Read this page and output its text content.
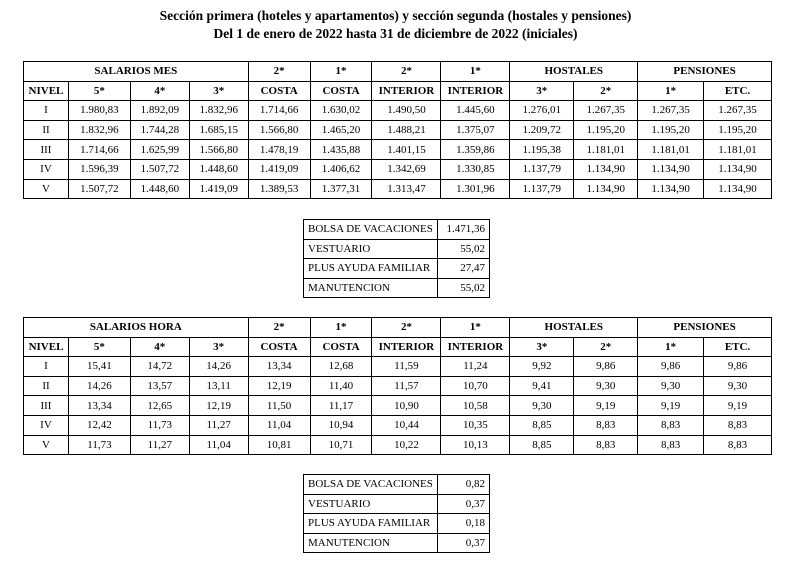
Sección primera (hoteles y apartamentos) y sección segunda (hostales y pensiones)
Del 1 de enero de 2022 hasta 31 de diciembre de 2022 (iniciales)
SALARIOS MES				2*	1*	2*	1*	HOSTALES		PENSIONES	
NIVEL	5*	4*	3*	COSTA	COSTA	INTERIOR	INTERIOR	3*	2*	1*	ETC.
I	1.980,83	1.892,09	1.832,96	1.714,66	1.630,02	1.490,50	1.445,60	1.276,01	1.267,35	1.267,35	1.267,35
II	1.832,96	1.744,28	1.685,15	1.566,80	1.465,20	1.488,21	1.375,07	1.209,72	1.195,20	1.195,20	1.195,20
III	1.714,66	1.625,99	1.566,80	1.478,19	1.435,88	1.401,15	1.359,86	1.195,38	1.181,01	1.181,01	1.181,01
IV	1.596,39	1.507,72	1.448,60	1.419,09	1.406,62	1.342,69	1.330,85	1.137,79	1.134,90	1.134,90	1.134,90
V	1.507,72	1.448,60	1.419,09	1.389,53	1.377,31	1.313,47	1.301,96	1.137,79	1.134,90	1.134,90	1.134,90
BOLSA DE VACACIONES	1.471,36
VESTUARIO	55,02
PLUS AYUDA FAMILIAR	27,47
MANUTENCION	55,02
SALARIOS HORA				2*	1*	2*	1*	HOSTALES		PENSIONES	
NIVEL	5*	4*	3*	COSTA	COSTA	INTERIOR	INTERIOR	3*	2*	1*	ETC.
I	15,41	14,72	14,26	13,34	12,68	11,59	11,24	9,92	9,86	9,86	9,86
II	14,26	13,57	13,11	12,19	11,40	11,57	10,70	9,41	9,30	9,30	9,30
III	13,34	12,65	12,19	11,50	11,17	10,90	10,58	9,30	9,19	9,19	9,19
IV	12,42	11,73	11,27	11,04	10,94	10,44	10,35	8,85	8,83	8,83	8,83
V	11,73	11,27	11,04	10,81	10,71	10,22	10,13	8,85	8,83	8,83	8,83
BOLSA DE VACACIONES	0,82
VESTUARIO	0,37
PLUS AYUDA FAMILIAR	0,18
MANUTENCION	0,37
